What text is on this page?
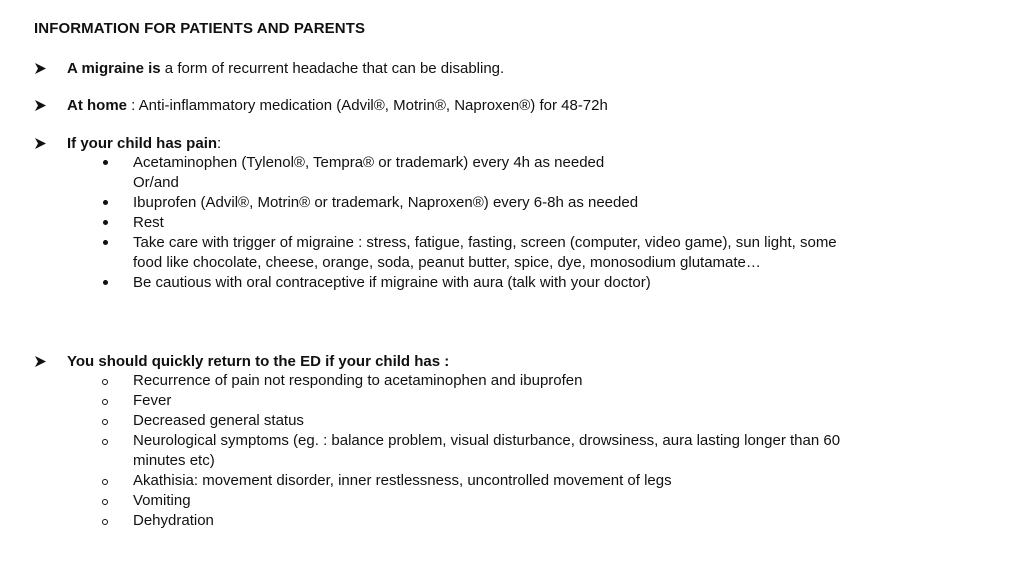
INFORMATION FOR PATIENTS AND PARENTS
A migraine is a form of recurrent headache that can be disabling.
At home : Anti-inflammatory medication (Advil®, Motrin®, Naproxen®) for 48-72h
If your child has pain:
Acetaminophen (Tylenol®, Tempra® or trademark) every 4h as needed
Or/and
Ibuprofen (Advil®, Motrin® or trademark, Naproxen®) every 6-8h as needed
Rest
Take care with trigger of migraine : stress, fatigue, fasting, screen (computer, video game), sun light, some food like chocolate, cheese, orange, soda, peanut butter, spice, dye, monosodium glutamate…
Be cautious with oral contraceptive if migraine with aura (talk with your doctor)
You should quickly return to the ED if your child has :
Recurrence of pain not responding to acetaminophen and ibuprofen
Fever
Decreased general status
Neurological symptoms (eg. : balance problem, visual disturbance, drowsiness, aura lasting longer than 60 minutes etc)
Akathisia: movement disorder, inner restlessness, uncontrolled movement of legs
Vomiting
Dehydration
